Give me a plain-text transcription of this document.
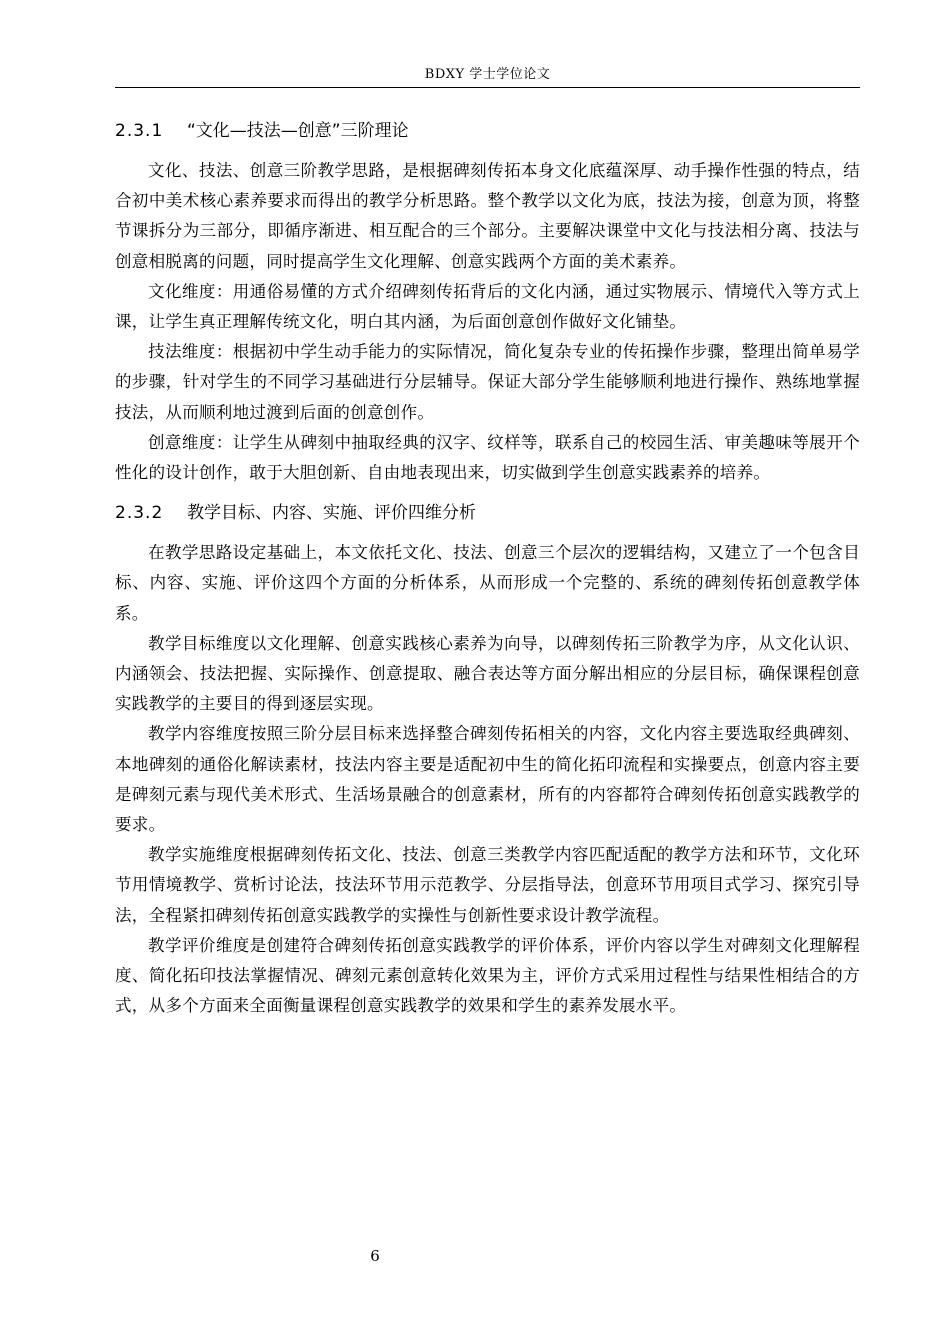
BDXY 学士学位论文
2.3.1	“文化—技法—创意”三阶理论

文化、技法、创意三阶教学思路，是根据碑刻传拓本身文化底蕴深厚、动手操作性强的特点，结合初中美术核心素养要求而得出的教学分析思路。整个教学以文化为底，技法为接，创意为顶，将整节课拆分为三部分，即循序渐进、相互配合的三个部分。主要解决课堂中文化与技法相分离、技法与创意相脱离的问题，同时提高学生文化理解、创意实践两个方面的美术素养。

文化维度：用通俗易懂的方式介绍碑刻传拓背后的文化内涵，通过实物展示、情境代入等方式上课，让学生真正理解传统文化，明白其内涵，为后面创意创作做好文化铺垫。

技法维度：根据初中学生动手能力的实际情况，简化复杂专业的传拓操作步骤，整理出简单易学的步骤，针对学生的不同学习基础进行分层辅导。保证大部分学生能够顺利地进行操作、熟练地掌握技法，从而顺利地过渡到后面的创意创作。

创意维度：让学生从碑刻中抽取经典的汉字、纹样等，联系自己的校园生活、审美趣味等展开个性化的设计创作，敢于大胆创新、自由地表现出来，切实做到学生创意实践素养的培养。

2.3.2	教学目标、内容、实施、评价四维分析

在教学思路设定基础上，本文依托文化、技法、创意三个层次的逻辑结构，又建立了一个包含目标、内容、实施、评价这四个方面的分析体系，从而形成一个完整的、系统的碑刻传拓创意教学体系。

教学目标维度以文化理解、创意实践核心素养为向导，以碑刻传拓三阶教学为序，从文化认识、内涵领会、技法把握、实际操作、创意提取、融合表达等方面分解出相应的分层目标，确保课程创意实践教学的主要目的得到逐层实现。

教学内容维度按照三阶分层目标来选择整合碑刻传拓相关的内容，文化内容主要选取经典碑刻、本地碑刻的通俗化解读素材，技法内容主要是适配初中生的简化拓印流程和实操要点，创意内容主要是碑刻元素与现代美术形式、生活场景融合的创意素材，所有的内容都符合碑刻传拓创意实践教学的要求。

教学实施维度根据碑刻传拓文化、技法、创意三类教学内容匹配适配的教学方法和环节，文化环节用情境教学、赏析讨论法，技法环节用示范教学、分层指导法，创意环节用项目式学习、探究引导法，全程紧扣碑刻传拓创意实践教学的实操性与创新性要求设计教学流程。

教学评价维度是创建符合碑刻传拓创意实践教学的评价体系，评价内容以学生对碑刻文化理解程度、简化拓印技法掌握情况、碑刻元素创意转化效果为主，评价方式采用过程性与结果性相结合的方式，从多个方面来全面衡量课程创意实践教学的效果和学生的素养发展水平。

6
